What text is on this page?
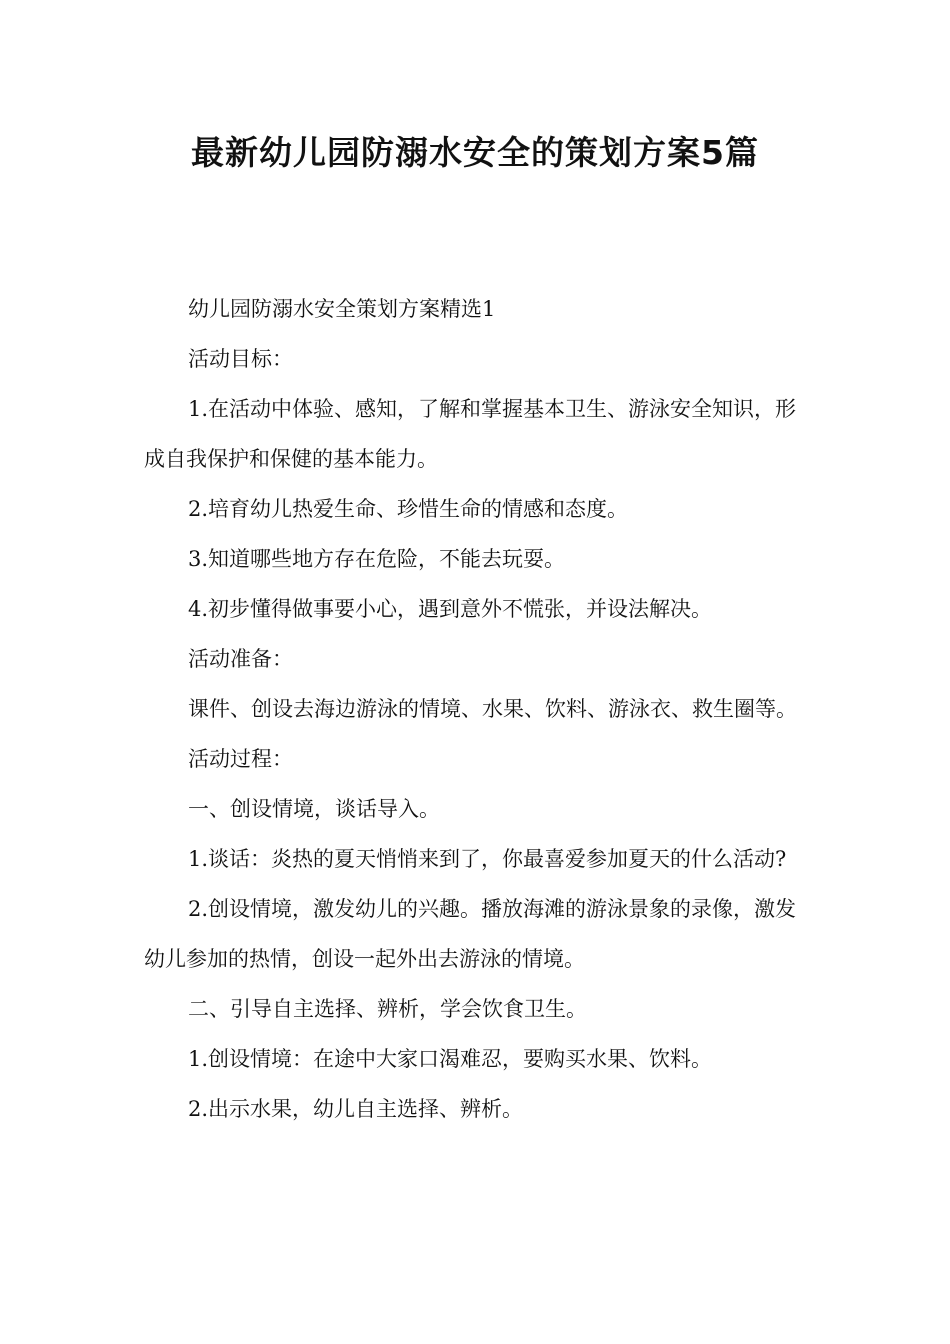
最新幼儿园防溺水安全的策划方案5篇

幼儿园防溺水安全策划方案精选1

活动目标：

1.在活动中体验、感知，了解和掌握基本卫生、游泳安全知识，形成自我保护和保健的基本能力。

2.培育幼儿热爱生命、珍惜生命的情感和态度。

3.知道哪些地方存在危险，不能去玩耍。

4.初步懂得做事要小心，遇到意外不慌张，并设法解决。

活动准备：

课件、创设去海边游泳的情境、水果、饮料、游泳衣、救生圈等。

活动过程：

一、创设情境，谈话导入。

1.谈话：炎热的夏天悄悄来到了，你最喜爱参加夏天的什么活动?

2.创设情境，激发幼儿的兴趣。播放海滩的游泳景象的录像，激发幼儿参加的热情，创设一起外出去游泳的情境。

二、引导自主选择、辨析，学会饮食卫生。

1.创设情境：在途中大家口渴难忍，要购买水果、饮料。

2.出示水果，幼儿自主选择、辨析。
